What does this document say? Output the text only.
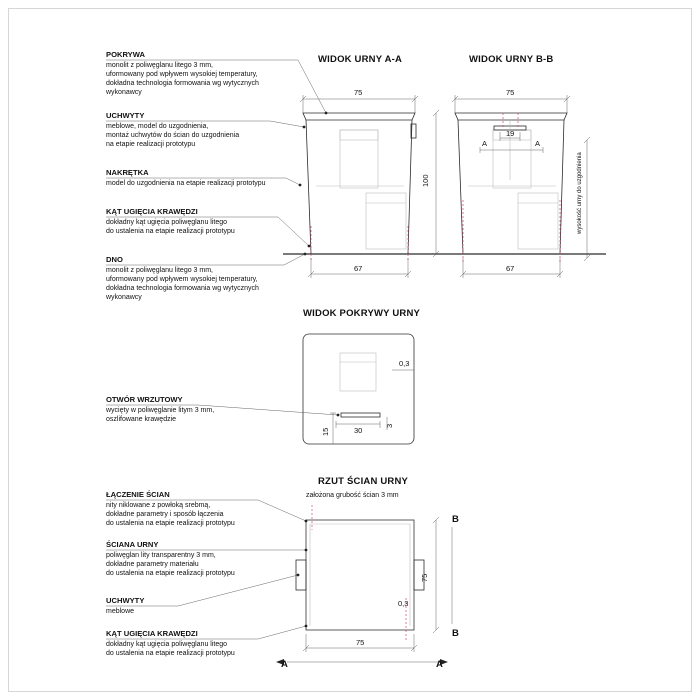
WIDOK URNY A-A	WIDOK URNY B-B
WIDOK POKRYWY URNY
RZUT ŚCIAN URNY
założona grubość ścian 3 mm
POKRYWA
monolit z poliwęglanu litego 3 mm,
uformowany pod wpływem wysokiej temperatury,
dokładna technologia formowania wg wytycznych
wykonawcy
UCHWYTY
meblowe, model do uzgodnienia,
montaż uchwytów do ścian do uzgodnienia
na etapie realizacji prototypu
NAKRĘTKA
model do uzgodnienia na etapie realizacji prototypu
KĄT UGIĘCIA KRAWĘDZI
dokładny kąt ugięcia poliwęglanu litego
do ustalenia na etapie realizacji prototypu
DNO
monolit z poliwęglanu litego 3 mm,
uformowany pod wpływem wysokiej temperatury,
dokładna technologia formowania wg wytycznych
wykonawcy
75
67
100
75
19
A	A
67
wysokość urny do uzgodnienia
0,3
30
15
3
OTWÓR WRZUTOWY
wycięty w poliwęglanie litym 3 mm,
oszlifowane krawędzie
0,3
75
75
B
B
A	A
ŁĄCZENIE ŚCIAN
nity niklowane z powłoką srebmą,
dokładne parametry i sposób łączenia
do ustalenia na etapie realizacji prototypu
ŚCIANA URNY
poliwęglan lity transparentny 3 mm,
dokładne parametry materiału
do ustalenia na etapie realizacji prototypu
UCHWYTY
meblowe
KĄT UGIĘCIA KRAWĘDZI
dokładny kąt ugięcia poliwęglanu litego
do ustalenia na etapie realizacji prototypu
